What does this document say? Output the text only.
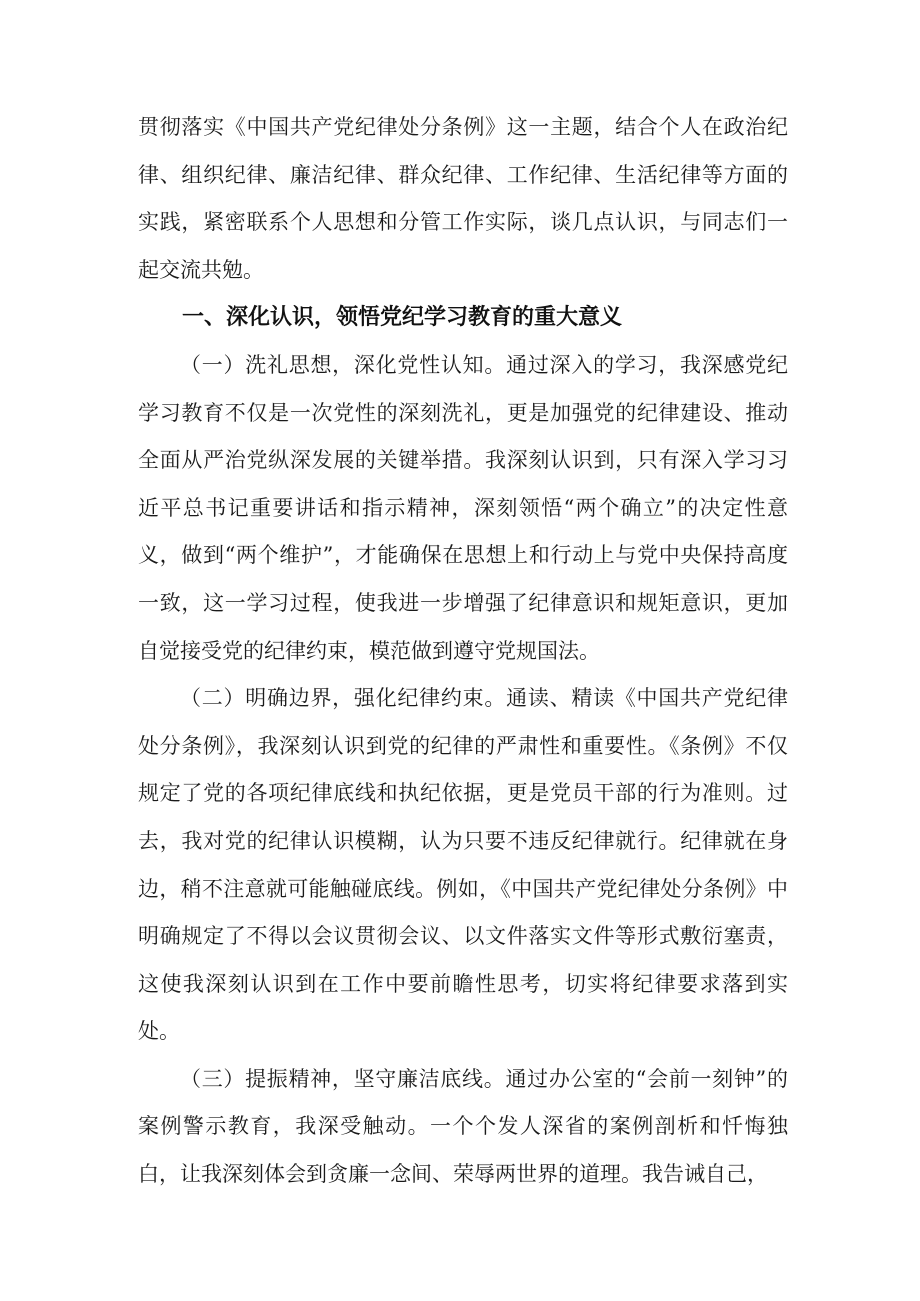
贯彻落实《中国共产党纪律处分条例》这一主题，结合个人在政治纪律、组织纪律、廉洁纪律、群众纪律、工作纪律、生活纪律等方面的实践，紧密联系个人思想和分管工作实际，谈几点认识，与同志们一起交流共勉。

一、深化认识，领悟党纪学习教育的重大意义

（一）洗礼思想，深化党性认知。通过深入的学习，我深感党纪学习教育不仅是一次党性的深刻洗礼，更是加强党的纪律建设、推动全面从严治党纵深发展的关键举措。我深刻认识到，只有深入学习习近平总书记重要讲话和指示精神，深刻领悟“两个确立”的决定性意义，做到“两个维护”，才能确保在思想上和行动上与党中央保持高度一致，这一学习过程，使我进一步增强了纪律意识和规矩意识，更加自觉接受党的纪律约束，模范做到遵守党规国法。

（二）明确边界，强化纪律约束。通读、精读《中国共产党纪律处分条例》，我深刻认识到党的纪律的严肃性和重要性。《条例》不仅规定了党的各项纪律底线和执纪依据，更是党员干部的行为准则。过去，我对党的纪律认识模糊，认为只要不违反纪律就行。纪律就在身边，稍不注意就可能触碰底线。例如，《中国共产党纪律处分条例》中明确规定了不得以会议贯彻会议、以文件落实文件等形式敷衍塞责，这使我深刻认识到在工作中要前瞻性思考，切实将纪律要求落到实处。

（三）提振精神，坚守廉洁底线。通过办公室的“会前一刻钟”的案例警示教育，我深受触动。一个个发人深省的案例剖析和忏悔独白，让我深刻体会到贪廉一念间、荣辱两世界的道理。我告诫自己，
